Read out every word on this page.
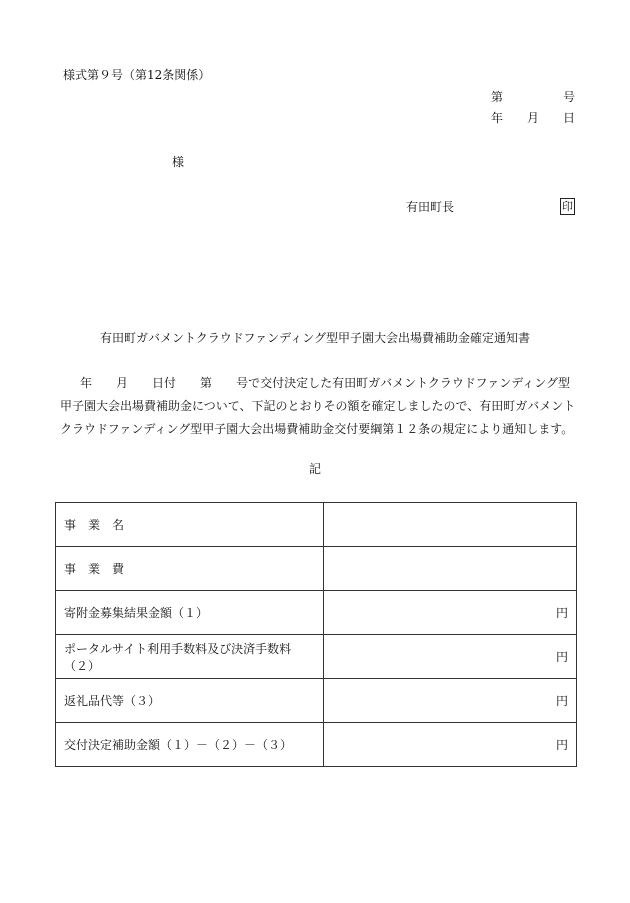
様式第９号（第12条関係）
第	号
年 月 日
様
有田町長	印
有田町ガバメントクラウドファンディング型甲子園大会出場費補助金確定通知書
年 月 日付 第 号で交付決定した有田町ガバメントクラウドファンディング型
甲子園大会出場費補助金について、下記のとおりその額を確定しましたので、有田町ガバメント
クラウドファンディング型甲子園大会出場費補助金交付要綱第１２条の規定により通知します。
記
事　業　名	
事　業　費	
寄附金募集結果金額（１）	円
ポータルサイト利用手数料及び決済手数料（２）	円
返礼品代等（３）	円
交付決定補助金額（１）－（２）－（３）	円
